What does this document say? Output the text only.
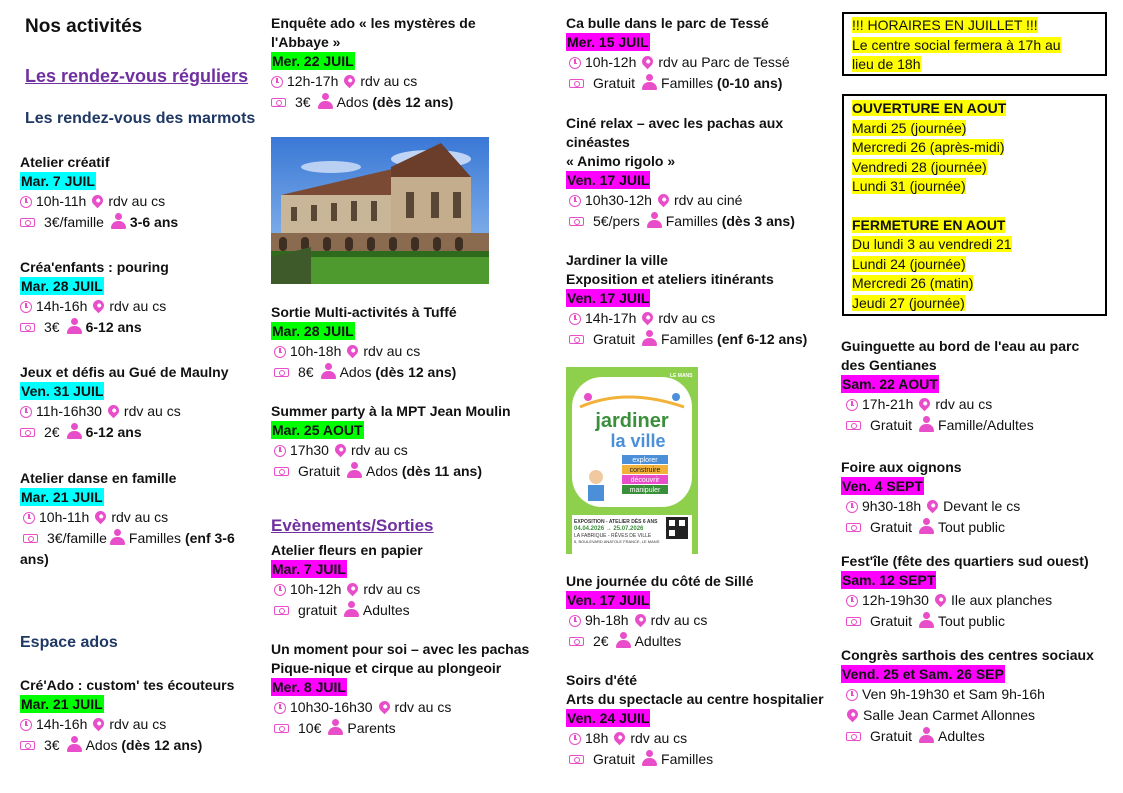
Nos activités
Les rendez-vous réguliers
Les rendez-vous des marmots
Atelier créatif
Mar. 7 JUIL
10h-11h rdv au cs
3€/famille 3-6 ans
Créa'enfants : pouring
Mar. 28 JUIL
14h-16h rdv au cs
3€ 6-12 ans
Jeux et défis au Gué de Maulny
Ven. 31 JUIL
11h-16h30 rdv au cs
2€ 6-12 ans
Atelier danse en famille
Mar. 21 JUIL
10h-11h rdv au cs
3€/famille Familles (enf 3-6
ans)
Espace ados
Cré'Ado : custom' tes écouteurs
Mar. 21 JUIL
14h-16h rdv au cs
3€ Ados (dès 12 ans)
Enquête ado « les mystères de
l'Abbaye »
Mer. 22 JUIL
12h-17h rdv au cs
3€ Ados (dès 12 ans)
Sortie Multi-activités à Tuffé
Mar. 28 JUIL
10h-18h rdv au cs
8€ Ados (dès 12 ans)
Summer party à la MPT Jean Moulin
Mar. 25 AOUT
17h30 rdv au cs
Gratuit Ados (dès 11 ans)
Evènements/Sorties
Atelier fleurs en papier
Mar. 7 JUIL
10h-12h rdv au cs
gratuit Adultes
Un moment pour soi – avec les pachas
Pique-nique et cirque au plongeoir
Mer. 8 JUIL
10h30-16h30 rdv au cs
10€ Parents
Ca bulle dans le parc de Tessé
Mer. 15 JUIL
10h-12h rdv au Parc de Tessé
Gratuit Familles (0-10 ans)
Ciné relax – avec les pachas aux
cinéastes
« Animo rigolo »
Ven. 17 JUIL
10h30-12h rdv au ciné
5€/pers Familles (dès 3 ans)
Jardiner la ville
Exposition et ateliers itinérants
Ven. 17 JUIL
14h-17h rdv au cs
Gratuit Familles (enf 6-12 ans)
Une journée du côté de Sillé
Ven. 17 JUIL
9h-18h rdv au cs
2€ Adultes
Soirs d'été
Arts du spectacle au centre hospitalier
Ven. 24 JUIL
18h rdv au cs
Gratuit Familles
jardiner
la ville
explorer
construire
découvrir
manipuler
EXPOSITION - ATELIER DÈS 6 ANS
04.04.2026 → 25.07.2026
LA FABRIQUE - RÊVES DE VILLE
5, BOULEVARD ANATOLE FRANCE, LE MANS
LE MANS
!!! HORAIRES EN JUILLET !!!
Le centre social fermera à 17h au
lieu de 18h
OUVERTURE EN AOUT
Mardi 25 (journée)
Mercredi 26 (après-midi)
Vendredi 28 (journée)
Lundi 31 (journée)
FERMETURE EN AOUT
Du lundi 3 au vendredi 21
Lundi 24 (journée)
Mercredi 26 (matin)
Jeudi 27 (journée)
Guinguette au bord de l'eau au parc
des Gentianes
Sam. 22 AOUT
17h-21h rdv au cs
Gratuit Famille/Adultes
Foire aux oignons
Ven. 4 SEPT
9h30-18h Devant le cs
Gratuit Tout public
Fest'île (fête des quartiers sud ouest)
Sam. 12 SEPT
12h-19h30 Ile aux planches
Gratuit Tout public
Congrès sarthois des centres sociaux
Vend. 25 et Sam. 26 SEP
Ven 9h-19h30 et Sam 9h-16h
Salle Jean Carmet Allonnes
Gratuit Adultes
